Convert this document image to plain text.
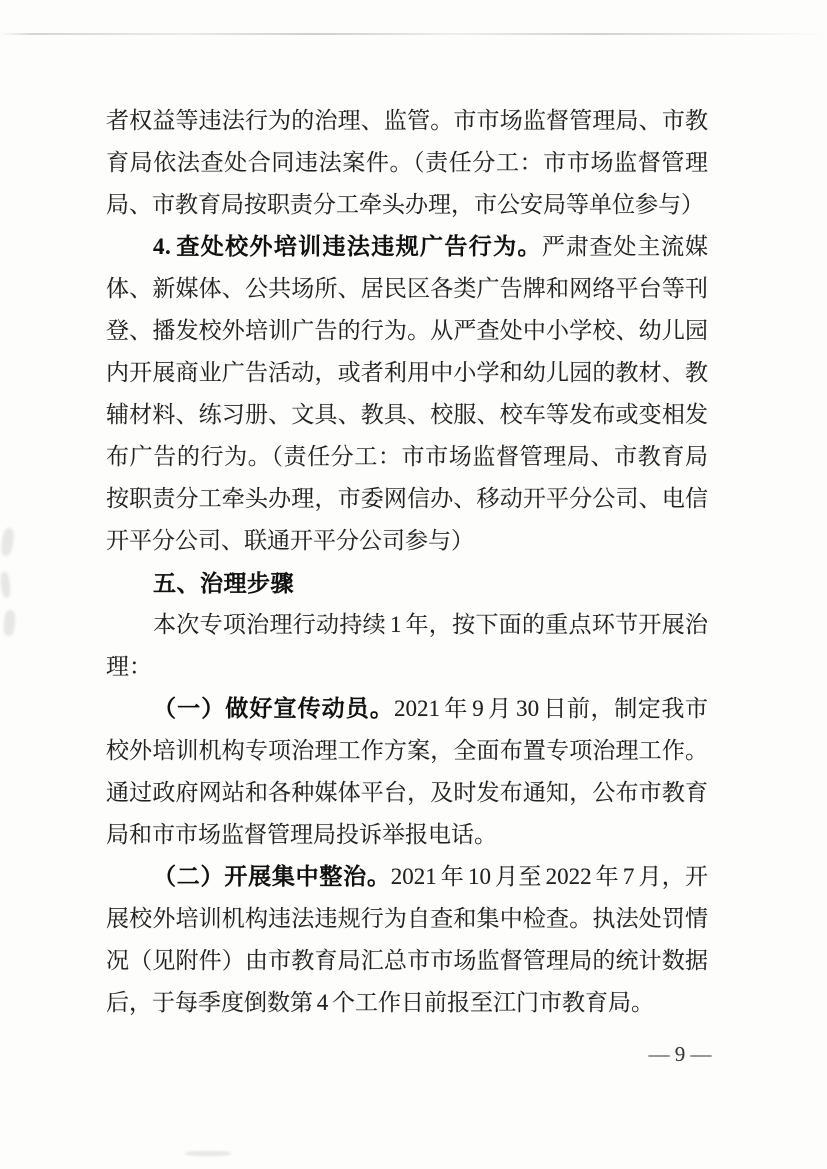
者权益等违法行为的治理、监管。市市场监督管理局、市教育局依法查处合同违法案件。（责任分工：市市场监督管理局、市教育局按职责分工牵头办理，市公安局等单位参与）

4. 查处校外培训违法违规广告行为。严肃查处主流媒体、新媒体、公共场所、居民区各类广告牌和网络平台等刊登、播发校外培训广告的行为。从严查处中小学校、幼儿园内开展商业广告活动，或者利用中小学和幼儿园的教材、教辅材料、练习册、文具、教具、校服、校车等发布或变相发布广告的行为。（责任分工：市市场监督管理局、市教育局按职责分工牵头办理，市委网信办、移动开平分公司、电信开平分公司、联通开平分公司参与）

五、治理步骤

本次专项治理行动持续 1 年，按下面的重点环节开展治理：

（一）做好宣传动员。2021 年 9 月 30 日前，制定我市校外培训机构专项治理工作方案，全面布置专项治理工作。通过政府网站和各种媒体平台，及时发布通知，公布市教育局和市市场监督管理局投诉举报电话。

（二）开展集中整治。2021 年 10 月至 2022 年 7 月，开展校外培训机构违法违规行为自查和集中检查。执法处罚情况（见附件）由市教育局汇总市市场监督管理局的统计数据后，于每季度倒数第 4 个工作日前报至江门市教育局。

— 9 —
